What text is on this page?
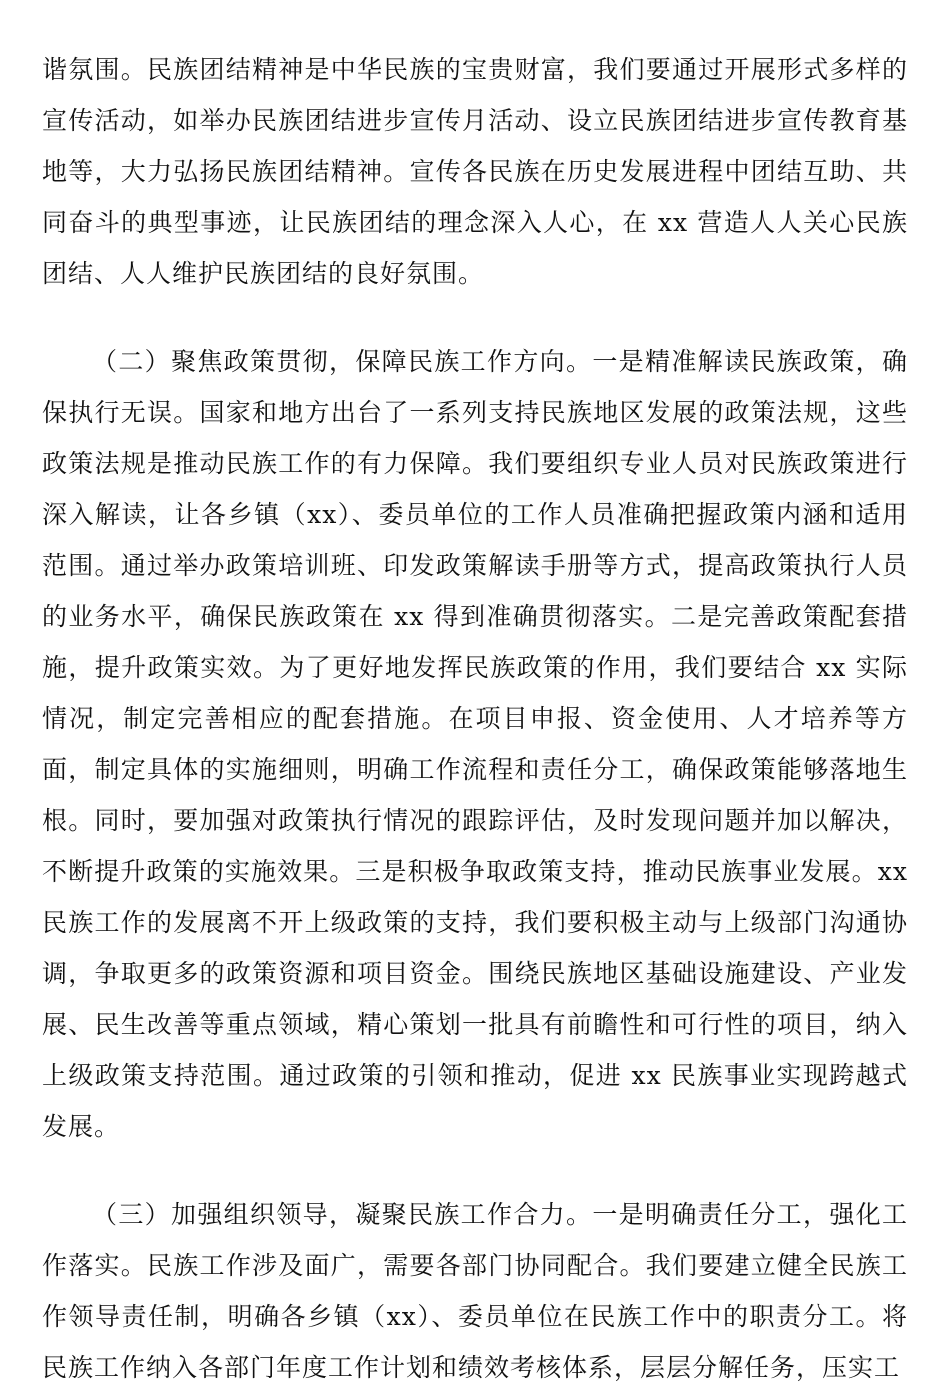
谐氛围。民族团结精神是中华民族的宝贵财富，我们要通过开展形式多样的宣传活动，如举办民族团结进步宣传月活动、设立民族团结进步宣传教育基地等，大力弘扬民族团结精神。宣传各民族在历史发展进程中团结互助、共同奋斗的典型事迹，让民族团结的理念深入人心，在 xx 营造人人关心民族团结、人人维护民族团结的良好氛围。

（二）聚焦政策贯彻，保障民族工作方向。一是精准解读民族政策，确保执行无误。国家和地方出台了一系列支持民族地区发展的政策法规，这些政策法规是推动民族工作的有力保障。我们要组织专业人员对民族政策进行深入解读，让各乡镇（xx）、委员单位的工作人员准确把握政策内涵和适用范围。通过举办政策培训班、印发政策解读手册等方式，提高政策执行人员的业务水平，确保民族政策在 xx 得到准确贯彻落实。二是完善政策配套措施，提升政策实效。为了更好地发挥民族政策的作用，我们要结合 xx 实际情况，制定完善相应的配套措施。在项目申报、资金使用、人才培养等方面，制定具体的实施细则，明确工作流程和责任分工，确保政策能够落地生根。同时，要加强对政策执行情况的跟踪评估，及时发现问题并加以解决，不断提升政策的实施效果。三是积极争取政策支持，推动民族事业发展。xx 民族工作的发展离不开上级政策的支持，我们要积极主动与上级部门沟通协调，争取更多的政策资源和项目资金。围绕民族地区基础设施建设、产业发展、民生改善等重点领域，精心策划一批具有前瞻性和可行性的项目，纳入上级政策支持范围。通过政策的引领和推动，促进 xx 民族事业实现跨越式发展。

（三）加强组织领导，凝聚民族工作合力。一是明确责任分工，强化工作落实。民族工作涉及面广，需要各部门协同配合。我们要建立健全民族工作领导责任制，明确各乡镇（xx）、委员单位在民族工作中的职责分工。将民族工作纳入各部门年度工作计划和绩效考核体系，层层分解任务，压实工
